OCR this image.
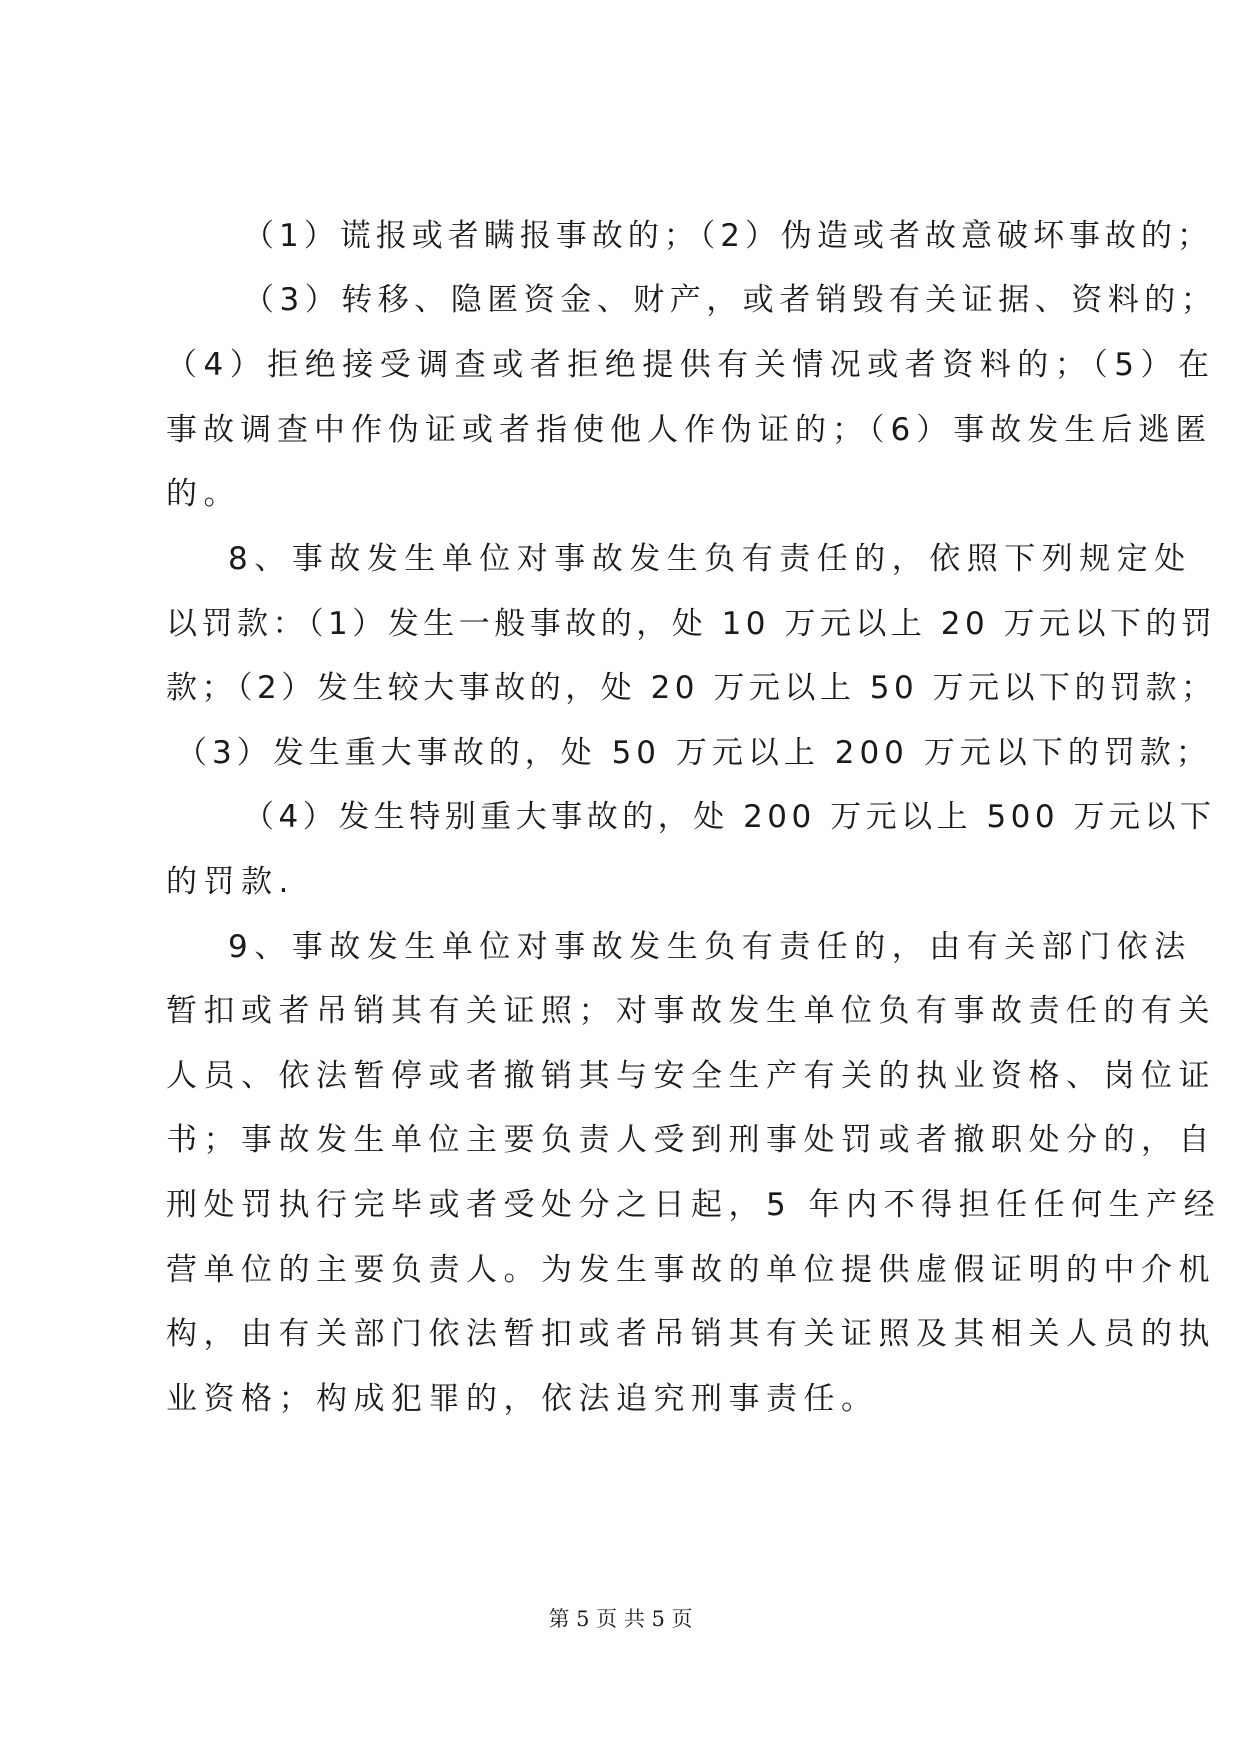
（1）谎报或者瞒报事故的；（2）伪造或者故意破坏事故的；
（3）转移、隐匿资金、财产，或者销毁有关证据、资料的；
（4）拒绝接受调查或者拒绝提供有关情况或者资料的；（5）在
事故调查中作伪证或者指使他人作伪证的；（6）事故发生后逃匿
的。
8、事故发生单位对事故发生负有责任的，依照下列规定处
以罚款：（1）发生一般事故的，处 10 万元以上 20 万元以下的罚
款；（2）发生较大事故的，处 20 万元以上 50 万元以下的罚款；
（3）发生重大事故的，处 50 万元以上 200 万元以下的罚款；
（4）发生特别重大事故的，处 200 万元以上 500 万元以下
的罚款.
9、事故发生单位对事故发生负有责任的，由有关部门依法
暂扣或者吊销其有关证照；对事故发生单位负有事故责任的有关
人员、依法暂停或者撤销其与安全生产有关的执业资格、岗位证
书；事故发生单位主要负责人受到刑事处罚或者撤职处分的，自
刑处罚执行完毕或者受处分之日起，5 年内不得担任任何生产经
营单位的主要负责人。为发生事故的单位提供虚假证明的中介机
构，由有关部门依法暂扣或者吊销其有关证照及其相关人员的执
业资格；构成犯罪的，依法追究刑事责任。
第 5 页 共 5 页
